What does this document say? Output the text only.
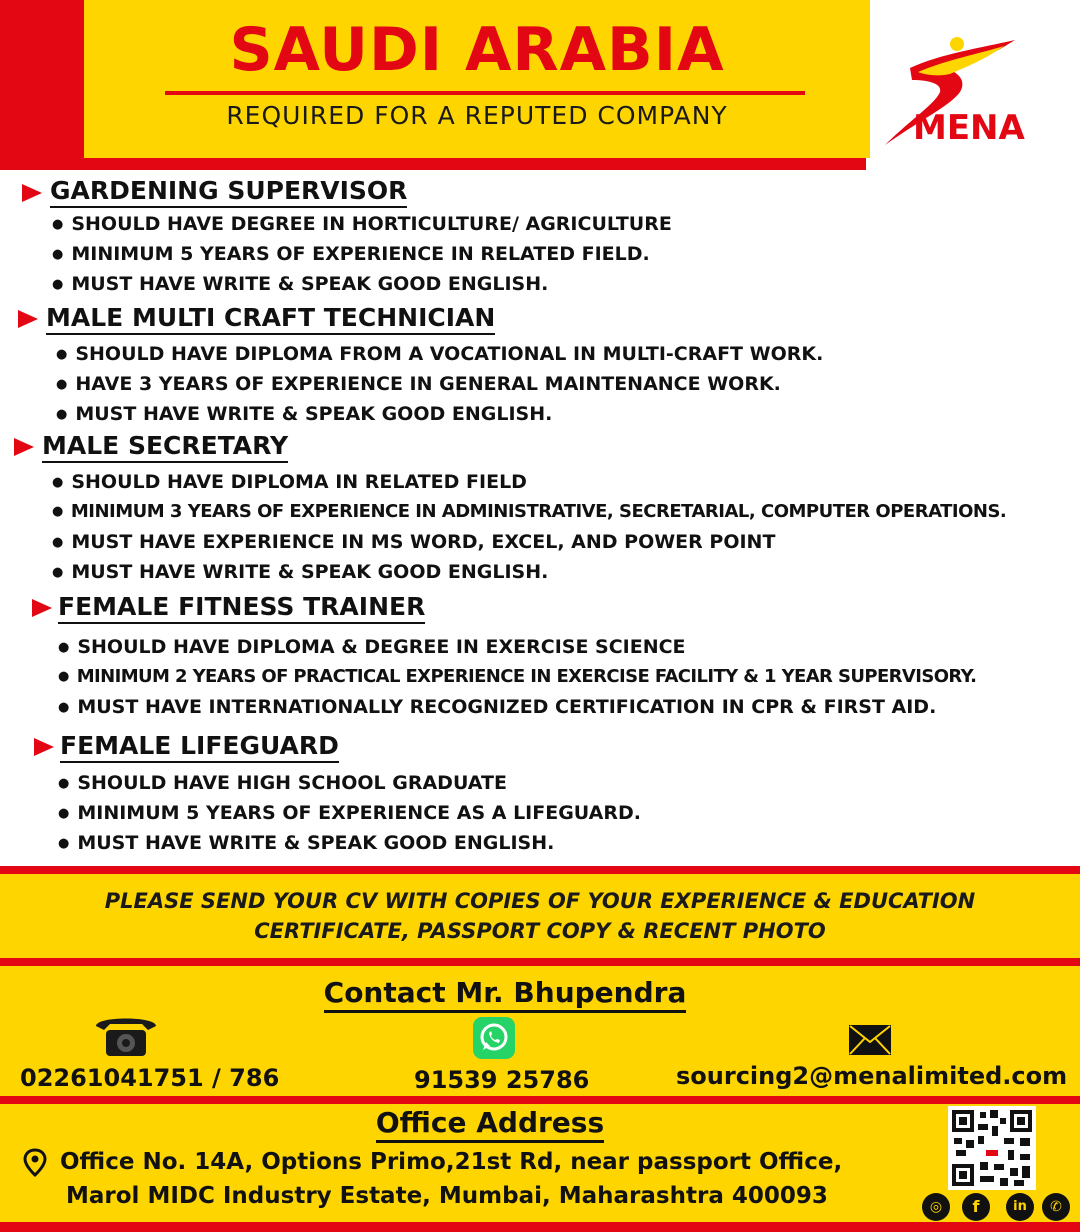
SAUDI ARABIA
REQUIRED FOR A REPUTED COMPANY	MENA
GARDENING SUPERVISOR
● SHOULD HAVE DEGREE IN HORTICULTURE/ AGRICULTURE
● MINIMUM 5 YEARS OF EXPERIENCE IN RELATED FIELD.
● MUST HAVE WRITE & SPEAK GOOD ENGLISH.
MALE MULTI CRAFT TECHNICIAN
● SHOULD HAVE DIPLOMA FROM A VOCATIONAL IN MULTI-CRAFT WORK.
● HAVE 3 YEARS OF EXPERIENCE IN GENERAL MAINTENANCE WORK.
● MUST HAVE WRITE & SPEAK GOOD ENGLISH.
MALE SECRETARY
● SHOULD HAVE DIPLOMA IN RELATED FIELD
● MINIMUM 3 YEARS OF EXPERIENCE IN ADMINISTRATIVE, SECRETARIAL, COMPUTER OPERATIONS.
● MUST HAVE EXPERIENCE IN MS WORD, EXCEL, AND POWER POINT
● MUST HAVE WRITE & SPEAK GOOD ENGLISH.
FEMALE FITNESS TRAINER
● SHOULD HAVE DIPLOMA & DEGREE IN EXERCISE SCIENCE
● MINIMUM 2 YEARS OF PRACTICAL EXPERIENCE IN EXERCISE FACILITY & 1 YEAR SUPERVISORY.
● MUST HAVE INTERNATIONALLY RECOGNIZED CERTIFICATION IN CPR & FIRST AID.
FEMALE LIFEGUARD
● SHOULD HAVE HIGH SCHOOL GRADUATE
● MINIMUM 5 YEARS OF EXPERIENCE AS A LIFEGUARD.
● MUST HAVE WRITE & SPEAK GOOD ENGLISH.
PLEASE SEND YOUR CV WITH COPIES OF YOUR EXPERIENCE & EDUCATION
CERTIFICATE, PASSPORT COPY & RECENT PHOTO
Contact Mr. Bhupendra
02261041751 / 786	91539 25786	sourcing2@menalimited.com
Office Address
Office No. 14A, Options Primo,21st Rd, near passport Office,
Marol MIDC Industry Estate, Mumbai, Maharashtra 400093	◎	f	in	✆
